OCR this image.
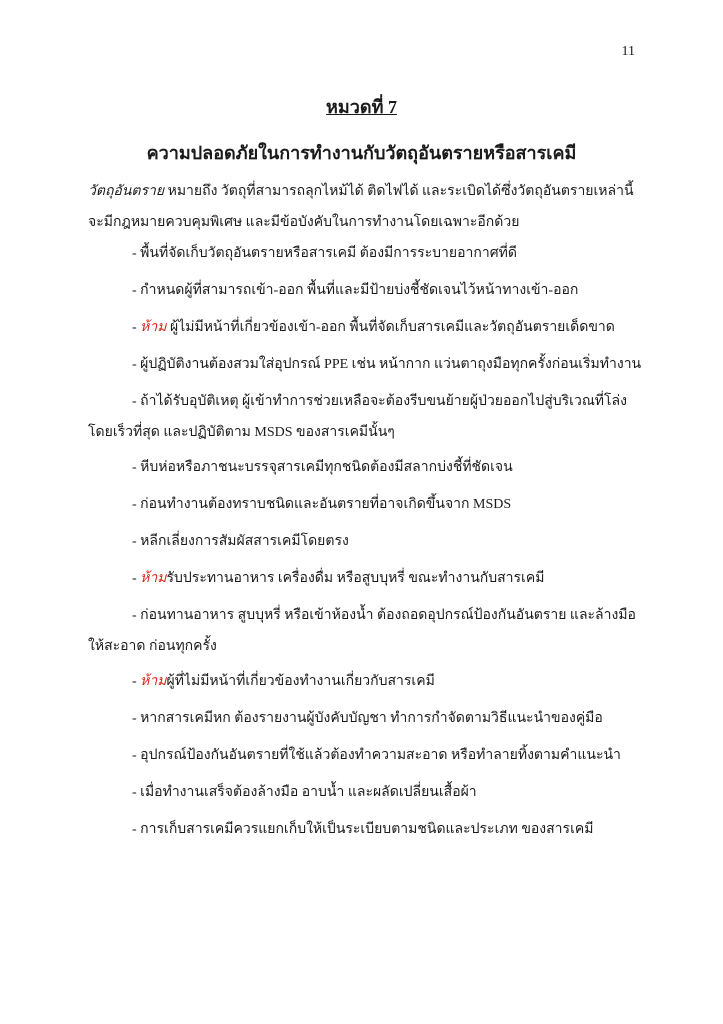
11
หมวดที่ 7
ความปลอดภัยในการทำงานกับวัตถุอันตรายหรือสารเคมี
วัตถุอันตราย หมายถึง วัตถุที่สามารถลุกไหม้ได้ ติดไฟได้ และระเบิดได้ซึ่งวัตถุอันตรายเหล่านี้จะมีกฎหมายควบคุมพิเศษ และมีข้อบังคับในการทำงานโดยเฉพาะอีกด้วย
- พื้นที่จัดเก็บวัตถุอันตรายหรือสารเคมี ต้องมีการระบายอากาศที่ดี
- กำหนดผู้ที่สามารถเข้า-ออก พื้นที่และมีป้ายบ่งชี้ชัดเจนไว้หน้าทางเข้า-ออก
- ห้าม ผู้ไม่มีหน้าที่เกี่ยวข้องเข้า-ออก พื้นที่จัดเก็บสารเคมีและวัตถุอันตรายเด็ดขาด
- ผู้ปฏิบัติงานต้องสวมใส่อุปกรณ์ PPE เช่น หน้ากาก แว่นตาถุงมือทุกครั้งก่อนเริ่มทำงาน
- ถ้าได้รับอุบัติเหตุ ผู้เข้าทำการช่วยเหลือจะต้องรีบขนย้ายผู้ป่วยออกไปสู่บริเวณที่โล่งโดยเร็วที่สุด และปฏิบัติตาม MSDS ของสารเคมีนั้นๆ
- หีบห่อหรือภาชนะบรรจุสารเคมีทุกชนิดต้องมีสลากบ่งชี้ที่ชัดเจน
- ก่อนทำงานต้องทราบชนิดและอันตรายที่อาจเกิดขึ้นจาก MSDS
- หลีกเลี่ยงการสัมผัสสารเคมีโดยตรง
- ห้ามรับประทานอาหาร เครื่องดื่ม หรือสูบบุหรี่ ขณะทำงานกับสารเคมี
- ก่อนทานอาหาร สูบบุหรี่ หรือเข้าห้องน้ำ ต้องถอดอุปกรณ์ป้องกันอันตราย และล้างมือให้สะอาด ก่อนทุกครั้ง
- ห้ามผู้ที่ไม่มีหน้าที่เกี่ยวข้องทำงานเกี่ยวกับสารเคมี
- หากสารเคมีหก ต้องรายงานผู้บังคับบัญชา ทำการกำจัดตามวิธีแนะนำของคู่มือ
- อุปกรณ์ป้องกันอันตรายที่ใช้แล้วต้องทำความสะอาด หรือทำลายทิ้งตามคำแนะนำ
- เมื่อทำงานเสร็จต้องล้างมือ อาบน้ำ และผลัดเปลี่ยนเสื้อผ้า
- การเก็บสารเคมีควรแยกเก็บให้เป็นระเบียบตามชนิดและประเภท ของสารเคมี
